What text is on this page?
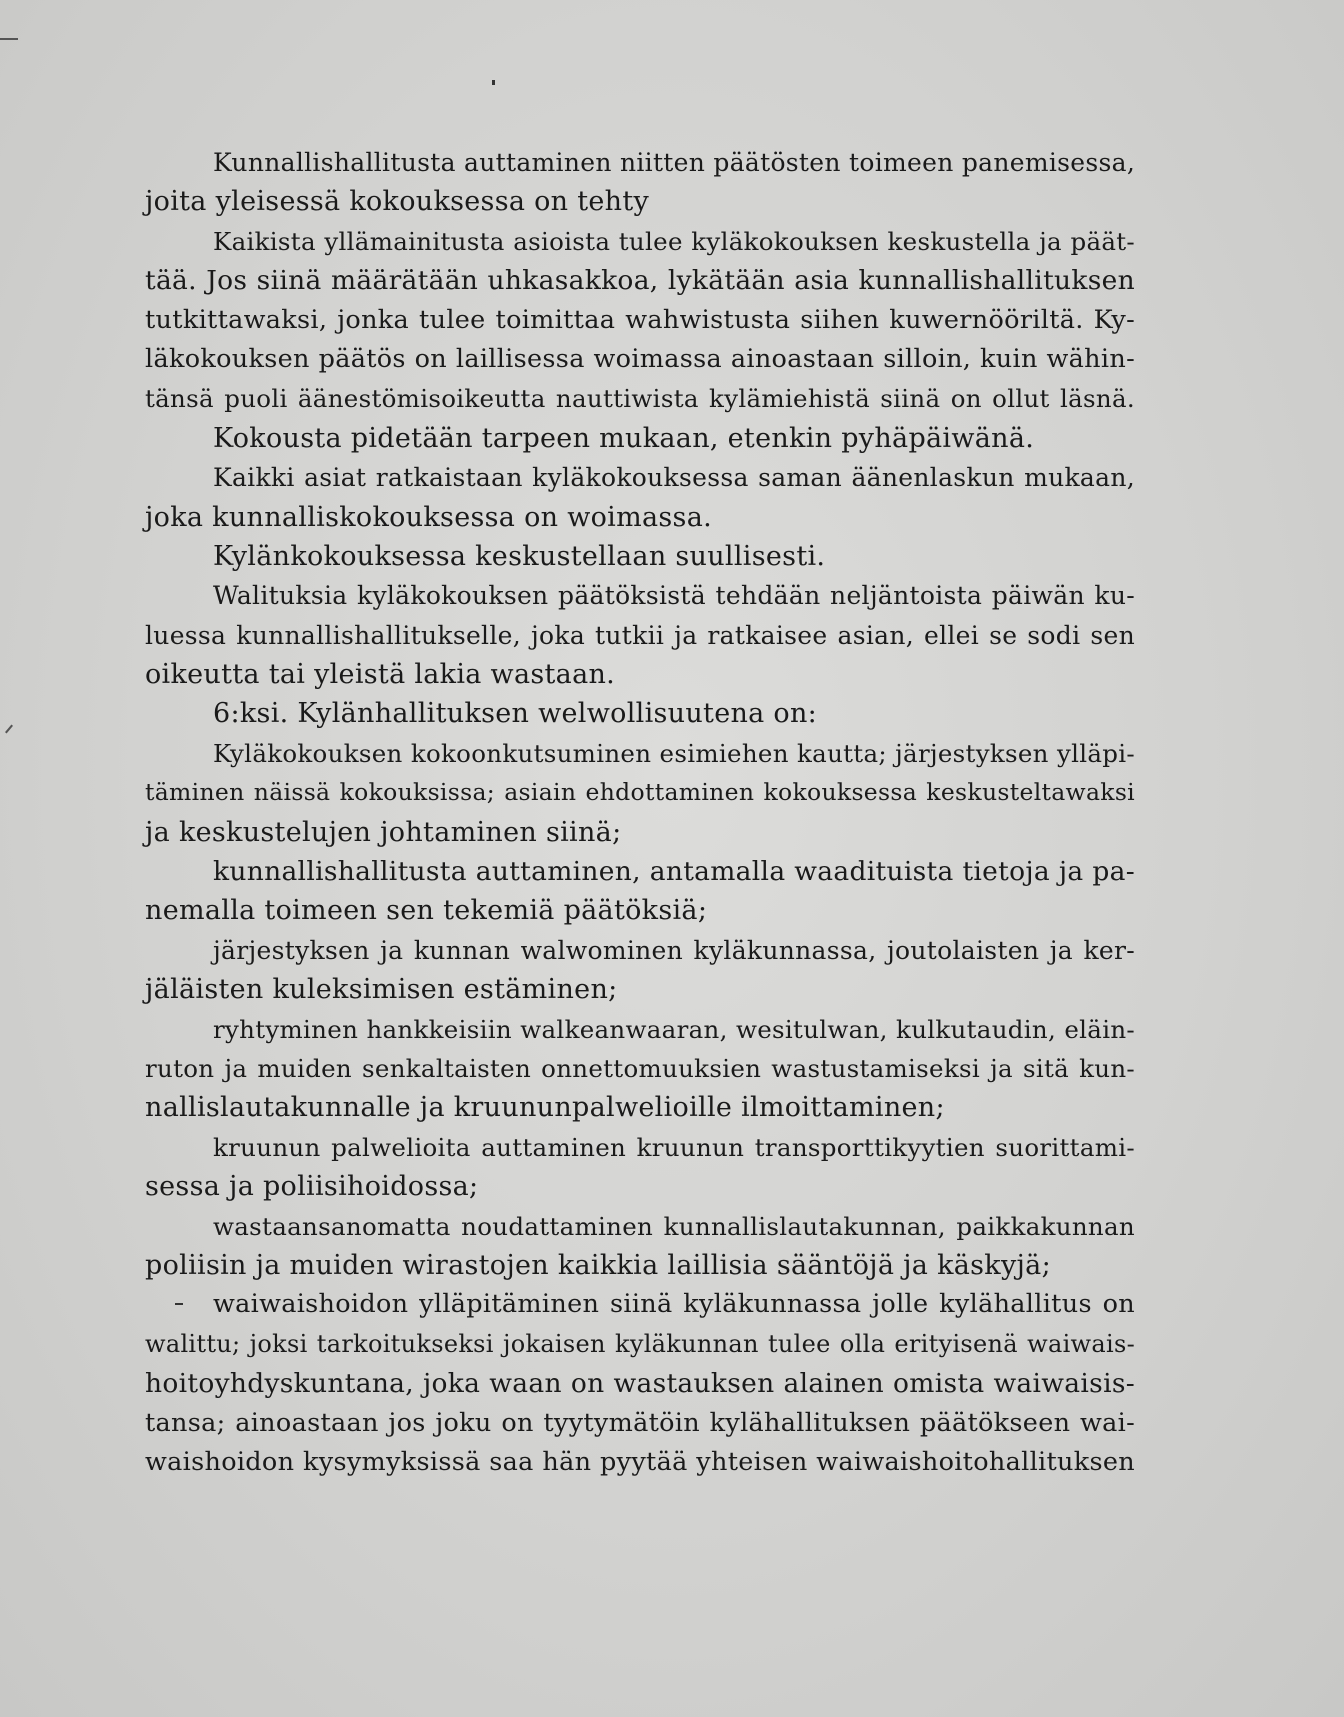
Kunnallishallitusta auttaminen niitten päätösten toimeen panemisessa,
joita yleisessä kokouksessa on tehty
Kaikista yllämainitusta asioista tulee kyläkokouksen keskustella ja päät-
tää. Jos siinä määrätään uhkasakkoa, lykätään asia kunnallishallituksen
tutkittawaksi, jonka tulee toimittaa wahwistusta siihen kuwernööriltä. Ky-
läkokouksen päätös on laillisessa woimassa ainoastaan silloin, kuin wähin-
tänsä puoli äänestömisoikeutta nauttiwista kylämiehistä siinä on ollut läsnä.
Kokousta pidetään tarpeen mukaan, etenkin pyhäpäiwänä.
Kaikki asiat ratkaistaan kyläkokouksessa saman äänenlaskun mukaan,
joka kunnalliskokouksessa on woimassa.
Kylänkokouksessa keskustellaan suullisesti.
Walituksia kyläkokouksen päätöksistä tehdään neljäntoista päiwän ku-
luessa kunnallishallitukselle, joka tutkii ja ratkaisee asian, ellei se sodi sen
oikeutta tai yleistä lakia wastaan.
6:ksi. Kylänhallituksen welwollisuutena on:
Kyläkokouksen kokoonkutsuminen esimiehen kautta; järjestyksen ylläpi-
täminen näissä kokouksissa; asiain ehdottaminen kokouksessa keskusteltawaksi
ja keskustelujen johtaminen siinä;
kunnallishallitusta auttaminen, antamalla waadituista tietoja ja pa-
nemalla toimeen sen tekemiä päätöksiä;
järjestyksen ja kunnan walwominen kyläkunnassa, joutolaisten ja ker-
jäläisten kuleksimisen estäminen;
ryhtyminen hankkeisiin walkeanwaaran, wesitulwan, kulkutaudin, eläin-
ruton ja muiden senkaltaisten onnettomuuksien wastustamiseksi ja sitä kun-
nallislautakunnalle ja kruununpalwelioille ilmoittaminen;
kruunun palwelioita auttaminen kruunun transporttikyytien suorittami-
sessa ja poliisihoidossa;
wastaansanomatta noudattaminen kunnallislautakunnan, paikkakunnan
poliisin ja muiden wirastojen kaikkia laillisia sääntöjä ja käskyjä;
waiwaishoidon ylläpitäminen siinä kyläkunnassa jolle kylähallitus on
walittu; joksi tarkoitukseksi jokaisen kyläkunnan tulee olla erityisenä waiwais-
hoitoyhdyskuntana, joka waan on wastauksen alainen omista waiwaisis-
tansa; ainoastaan jos joku on tyytymätöin kylähallituksen päätökseen wai-
waishoidon kysymyksissä saa hän pyytää yhteisen waiwaishoitohallituksen
